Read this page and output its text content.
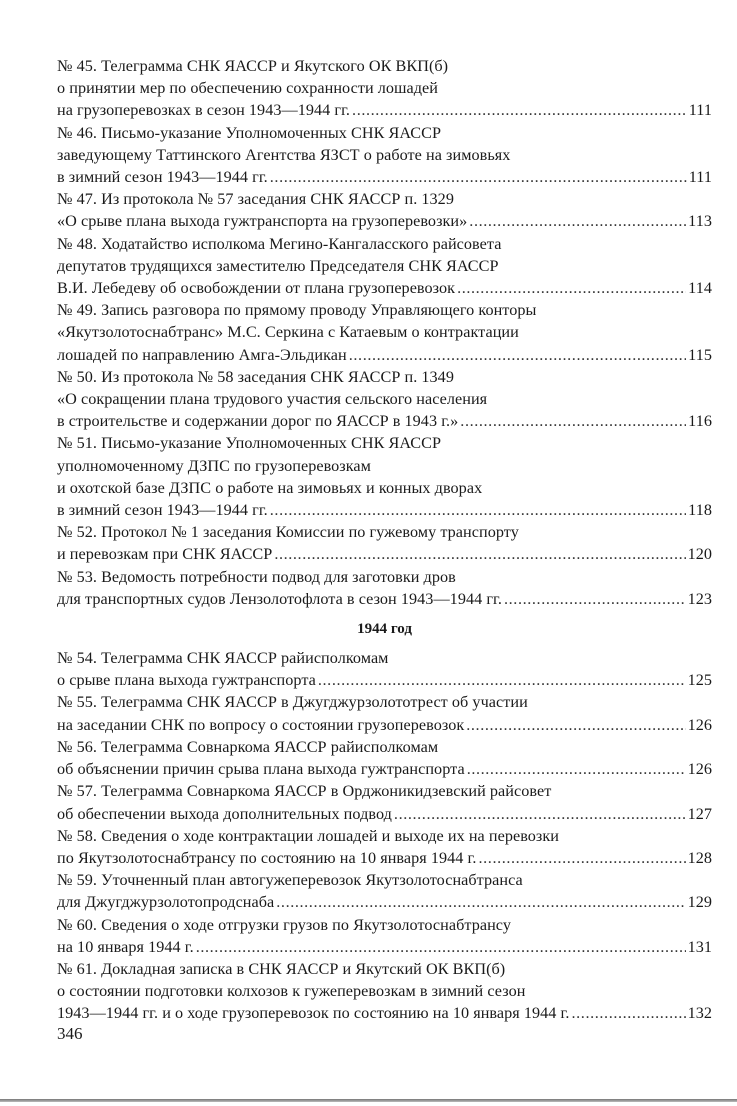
№ 45. Телеграмма СНК ЯАССР и Якутского ОК ВКП(б)
о принятии мер по обеспечению сохранности лошадей
на грузоперевозках в сезон 1943—1944 гг. .....	111
№ 46. Письмо-указание Уполномоченных СНК ЯАССР
заведующему Таттинского Агентства ЯЗСТ о работе на зимовьях
в зимний сезон 1943—1944 гг. .....	111
№ 47. Из протокола № 57 заседания СНК ЯАССР п. 1329
«О срыве плана выхода гужтранспорта на грузоперевозки» .....	113
№ 48. Ходатайство исполкома Мегино-Кангаласского райсовета
депутатов трудящихся заместителю Председателя СНК ЯАССР
В.И. Лебедеву об освобождении от плана грузоперевозок .....	114
№ 49. Запись разговора по прямому проводу Управляющего конторы
«Якутзолотоснабтранс» М.С. Серкина с Катаевым о контрактации
лошадей по направлению Амга-Эльдикан .....	115
№ 50. Из протокола № 58 заседания СНК ЯАССР п. 1349
«О сокращении плана трудового участия сельского населения
в строительстве и содержании дорог по ЯАССР в 1943 г.» .....	116
№ 51. Письмо-указание Уполномоченных СНК ЯАССР
уполномоченному ДЗПС по грузоперевозкам
и охотской базе ДЗПС о работе на зимовьях и конных дворах
в зимний сезон 1943—1944 гг. .....	118
№ 52. Протокол № 1 заседания Комиссии по гужевому транспорту
и перевозкам при СНК ЯАССР .....	120
№ 53. Ведомость потребности подвод для заготовки дров
для транспортных судов Лензолотофлота в сезон 1943—1944 гг. .....	123
1944 год
№ 54. Телеграмма СНК ЯАССР райисполкомам
о срыве плана выхода гужтранспорта .....	125
№ 55. Телеграмма СНК ЯАССР в Джугджурзолототрест об участии
на заседании СНК по вопросу о состоянии грузоперевозок .....	126
№ 56. Телеграмма Совнаркома ЯАССР райисполкомам
об объяснении причин срыва плана выхода гужтранспорта .....	126
№ 57. Телеграмма Совнаркома ЯАССР в Орджоникидзевский райсовет
об обеспечении выхода дополнительных подвод .....	127
№ 58. Сведения о ходе контрактации лошадей и выходе их на перевозки
по Якутзолотоснабтрансу по состоянию на 10 января 1944 г. .....	128
№ 59. Уточненный план автогужеперевозок Якутзолотоснабтранса
для Джугджурзолотопродснаба .....	129
№ 60. Сведения о ходе отгрузки грузов по Якутзолотоснабтрансу
на 10 января 1944 г. .....	131
№ 61. Докладная записка в СНК ЯАССР и Якутский ОК ВКП(б)
о состоянии подготовки колхозов к гужеперевозкам в зимний сезон
1943—1944 гг. и о ходе грузоперевозок по состоянию на 10 января 1944 г. .....	132
346
